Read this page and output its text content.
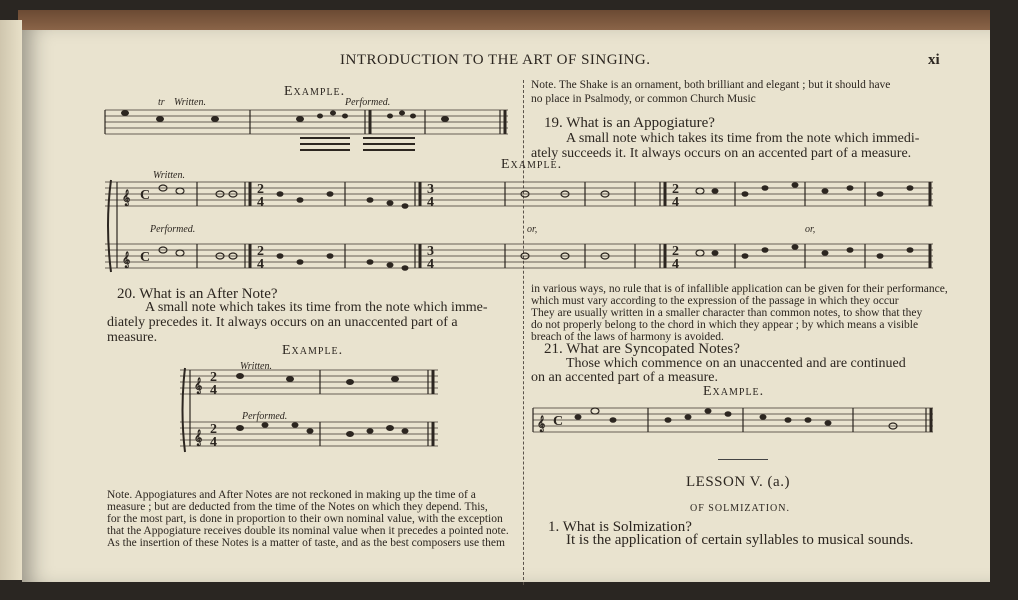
INTRODUCTION TO THE ART OF SINGING.	xi
Example.
tr Written.	Performed.
Note. The Shake is an ornament, both brilliant and elegant ; but it should have
no place in Psalmody, or common Church Music
19. What is an Appogiature?
A small note which takes its time from the note which immedi-
ately succeeds it. It always occurs on an accented part of a measure.
Example.
Written.
Performed.	or,	or,
𝄞 C
𝄞 C
2
4
2
4
3
4
3
4
2
4
2
4
20. What is an After Note?
A small note which takes its time from the note which imme-
diately precedes it. It always occurs on an unaccented part of a
measure.
Example.
Written.
Performed.
𝄞
2
4
𝄞
2
4
Note. Appogiatures and After Notes are not reckoned in making up the time of a
measure ; but are deducted from the time of the Notes on which they depend. This,
for the most part, is done in proportion to their own nominal value, with the exception
that the Appogiature receives double its nominal value when it precedes a pointed note.
As the insertion of these Notes is a matter of taste, and as the best composers use them
in various ways, no rule that is of infallible application can be given for their performance,
which must vary according to the expression of the passage in which they occur
They are usually written in a smaller character than common notes, to show that they
do not properly belong to the chord in which they appear ; by which means a visible
breach of the laws of harmony is avoided.
21. What are Syncopated Notes?
Those which commence on an unaccented and are continued
on an accented part of a measure.
Example.
𝄞 C
LESSON V. (a.)
OF SOLMIZATION.
1. What is Solmization?
It is the application of certain syllables to musical sounds.
